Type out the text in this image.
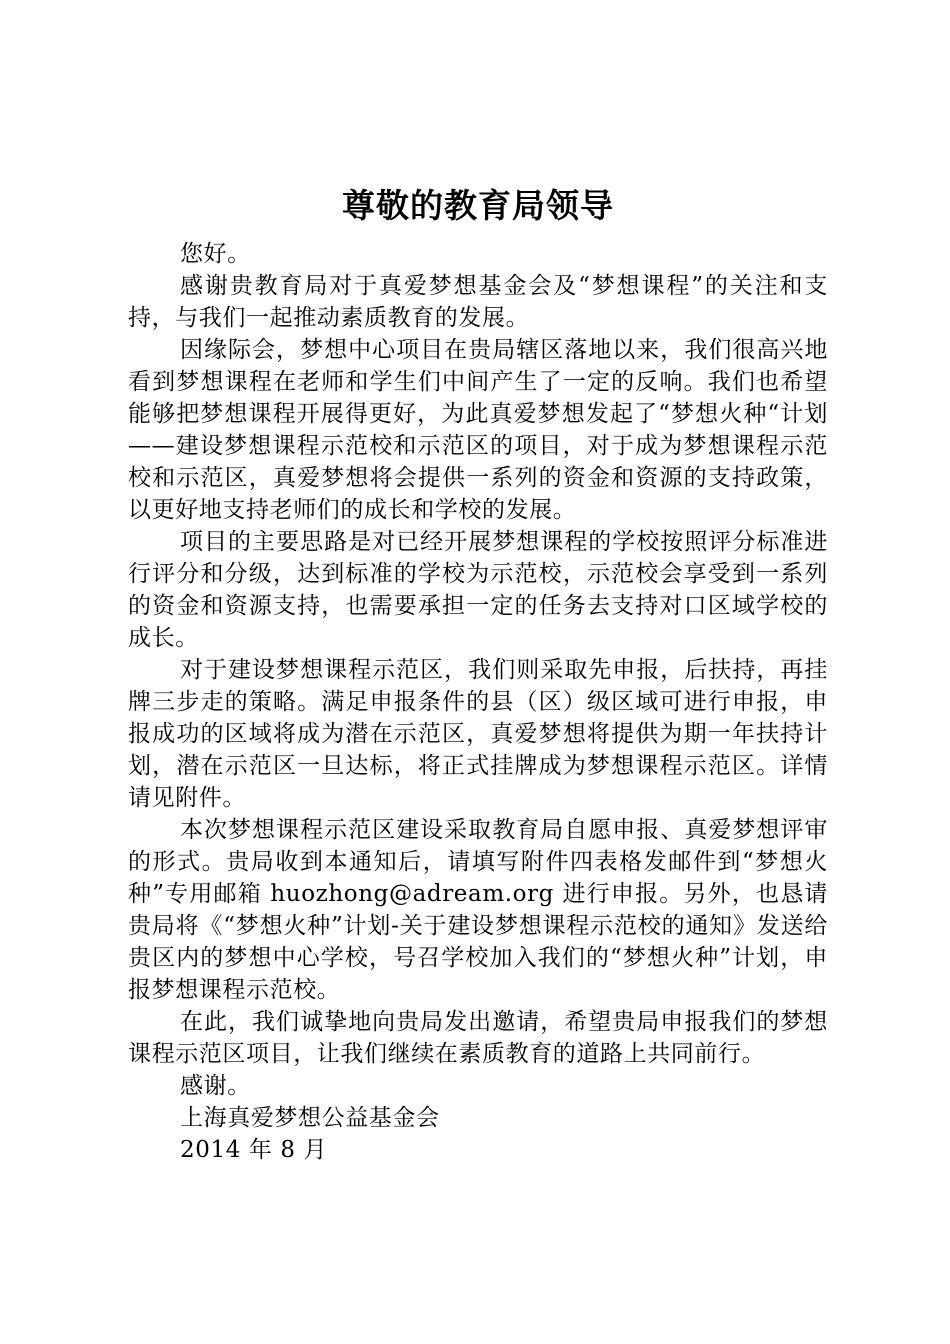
尊敬的教育局领导

您好。

感谢贵教育局对于真爱梦想基金会及“梦想课程”的关注和支持，与我们一起推动素质教育的发展。

因缘际会，梦想中心项目在贵局辖区落地以来，我们很高兴地看到梦想课程在老师和学生们中间产生了一定的反响。我们也希望能够把梦想课程开展得更好，为此真爱梦想发起了“梦想火种“计划——建设梦想课程示范校和示范区的项目，对于成为梦想课程示范校和示范区，真爱梦想将会提供一系列的资金和资源的支持政策，以更好地支持老师们的成长和学校的发展。

项目的主要思路是对已经开展梦想课程的学校按照评分标准进行评分和分级，达到标准的学校为示范校，示范校会享受到一系列的资金和资源支持，也需要承担一定的任务去支持对口区域学校的成长。

对于建设梦想课程示范区，我们则采取先申报，后扶持，再挂牌三步走的策略。满足申报条件的县（区）级区域可进行申报，申报成功的区域将成为潜在示范区，真爱梦想将提供为期一年扶持计划，潜在示范区一旦达标，将正式挂牌成为梦想课程示范区。详情请见附件。

本次梦想课程示范区建设采取教育局自愿申报、真爱梦想评审的形式。贵局收到本通知后，请填写附件四表格发邮件到“梦想火种”专用邮箱 huozhong@adream.org 进行申报。另外，也恳请贵局将《“梦想火种”计划-关于建设梦想课程示范校的通知》发送给贵区内的梦想中心学校，号召学校加入我们的“梦想火种”计划，申报梦想课程示范校。

在此，我们诚挚地向贵局发出邀请，希望贵局申报我们的梦想课程示范区项目，让我们继续在素质教育的道路上共同前行。

感谢。

上海真爱梦想公益基金会

2014 年 8 月
